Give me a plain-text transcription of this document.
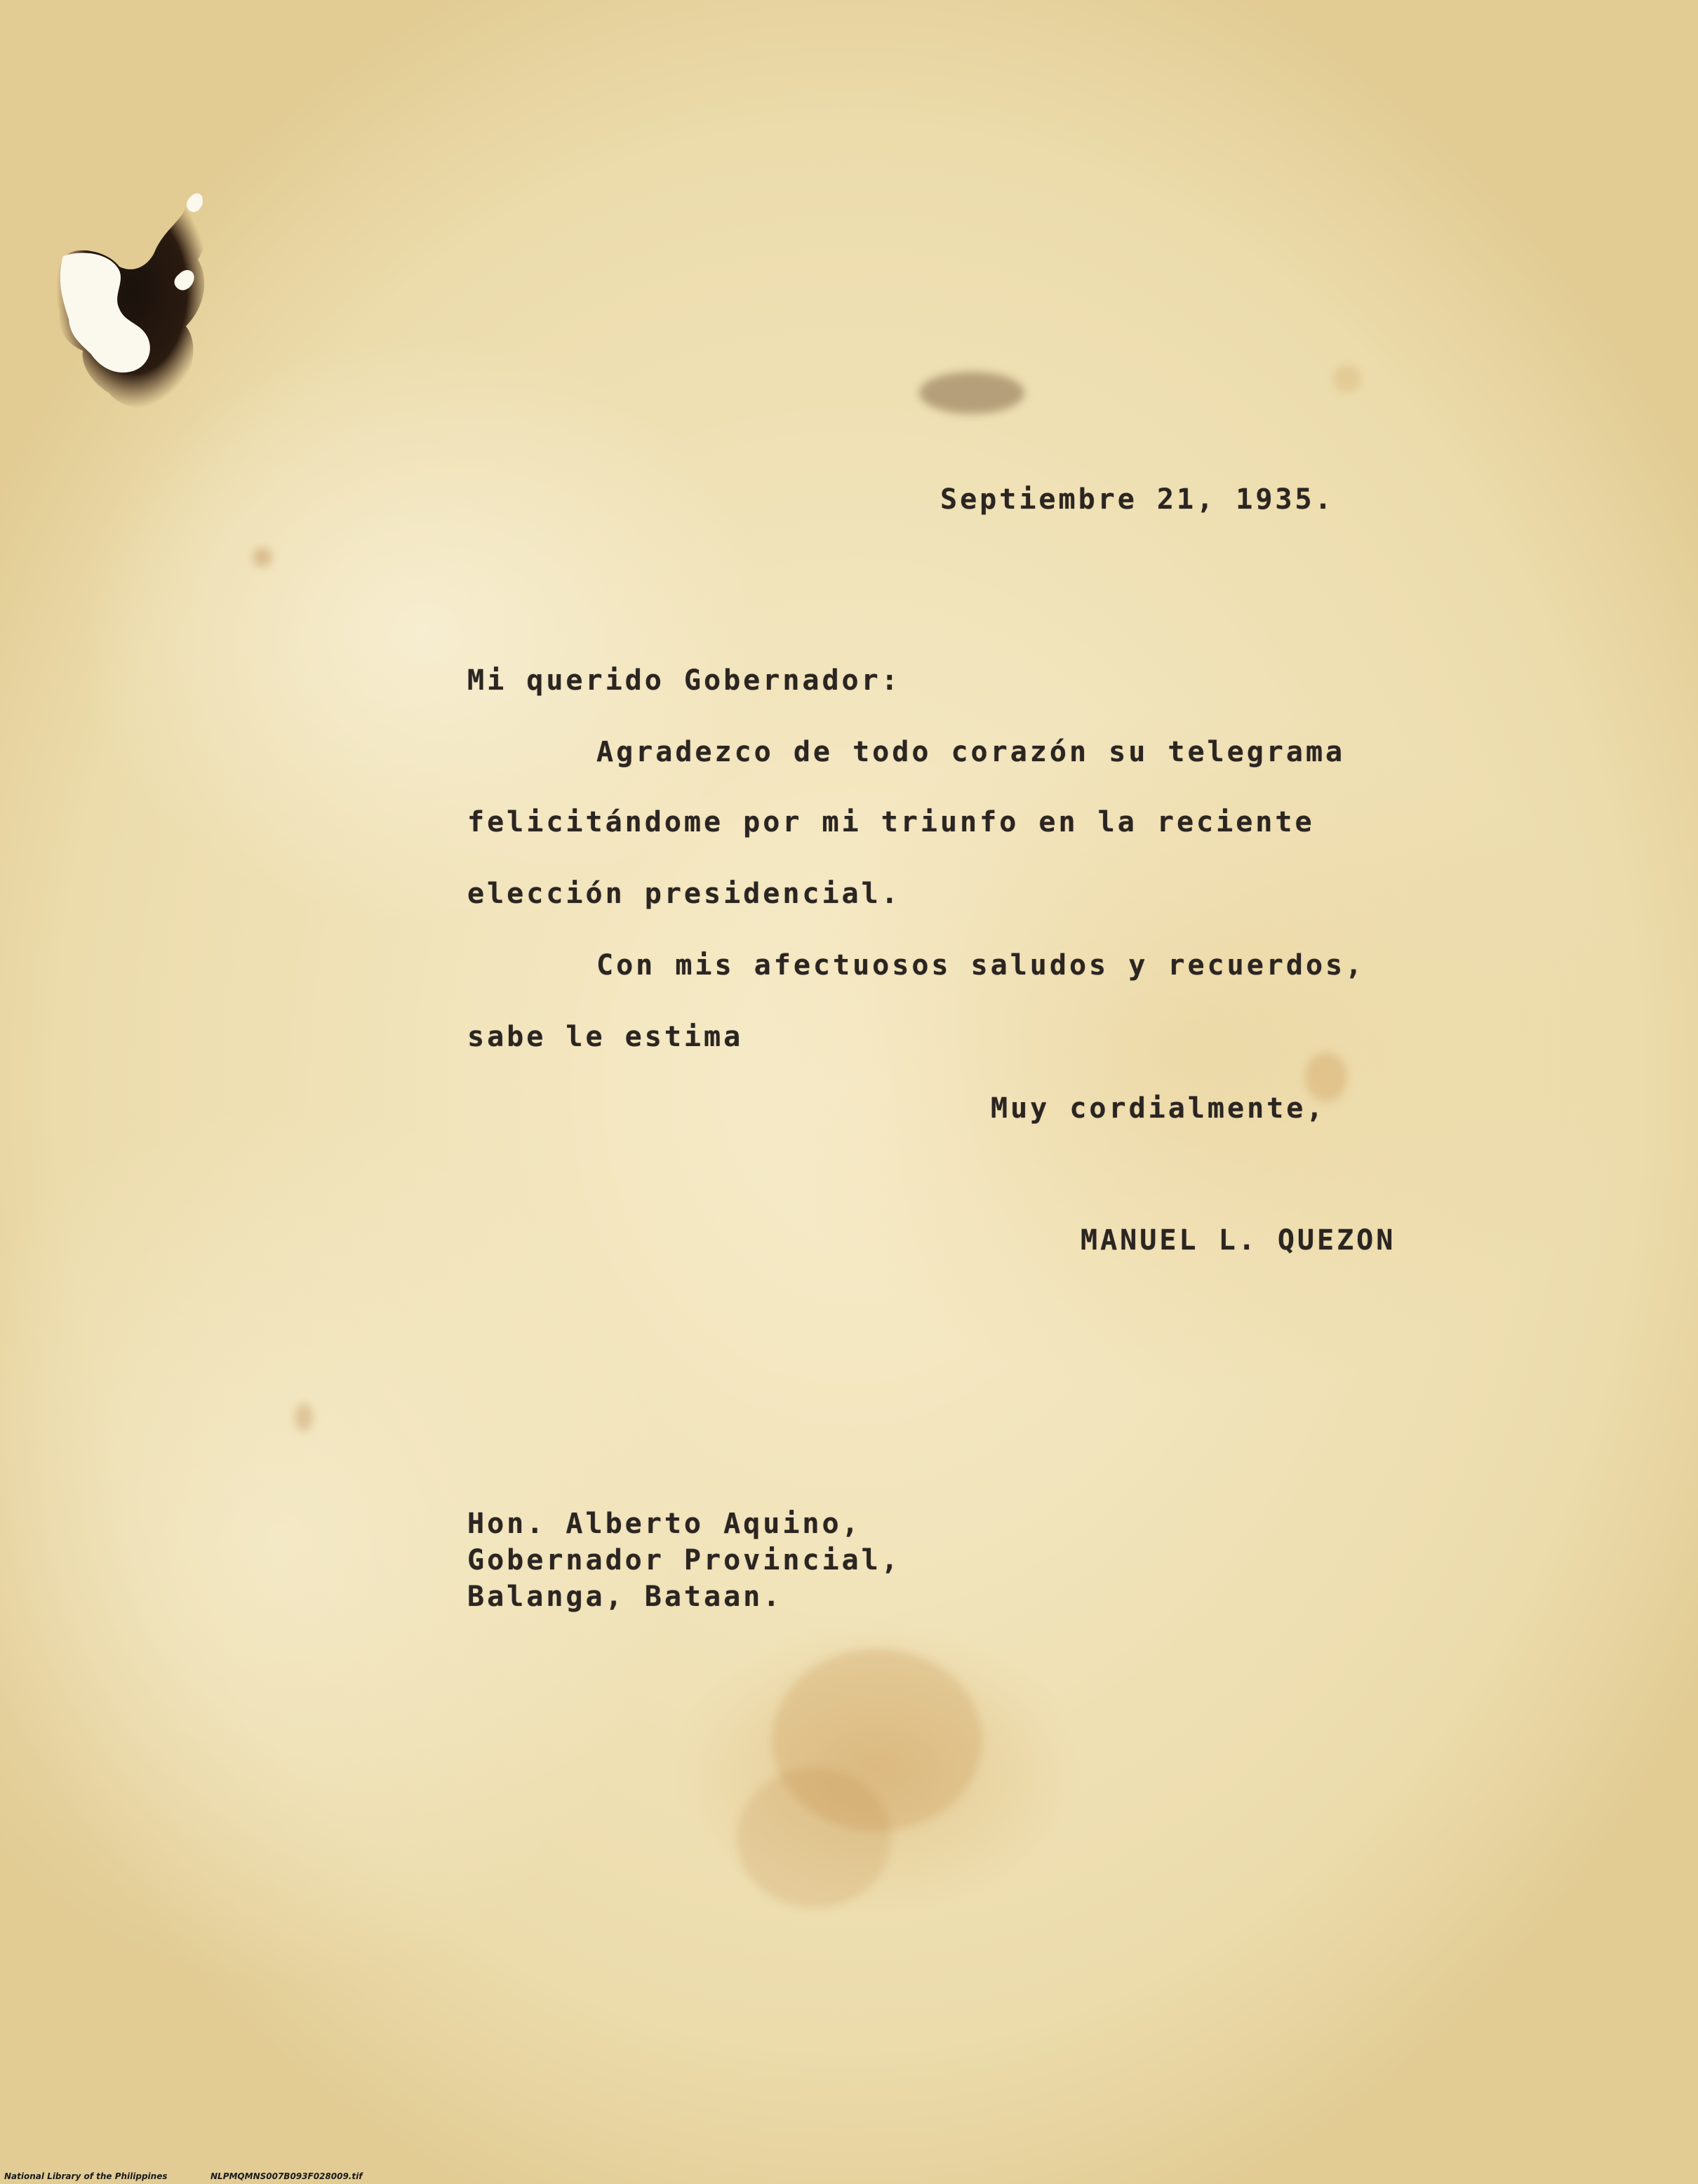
Septiembre 21, 1935.
Mi querido Gobernador:
Agradezco de todo corazón su telegrama
felicitándome por mi triunfo en la reciente
elección presidencial.
Con mis afectuosos saludos y recuerdos,
sabe le estima
Muy cordialmente,
MANUEL L. QUEZON
Hon. Alberto Aquino,
Gobernador Provincial,
Balanga, Bataan.

National Library of the Philippines

	NLPMQMNS007B093F028009.tif
